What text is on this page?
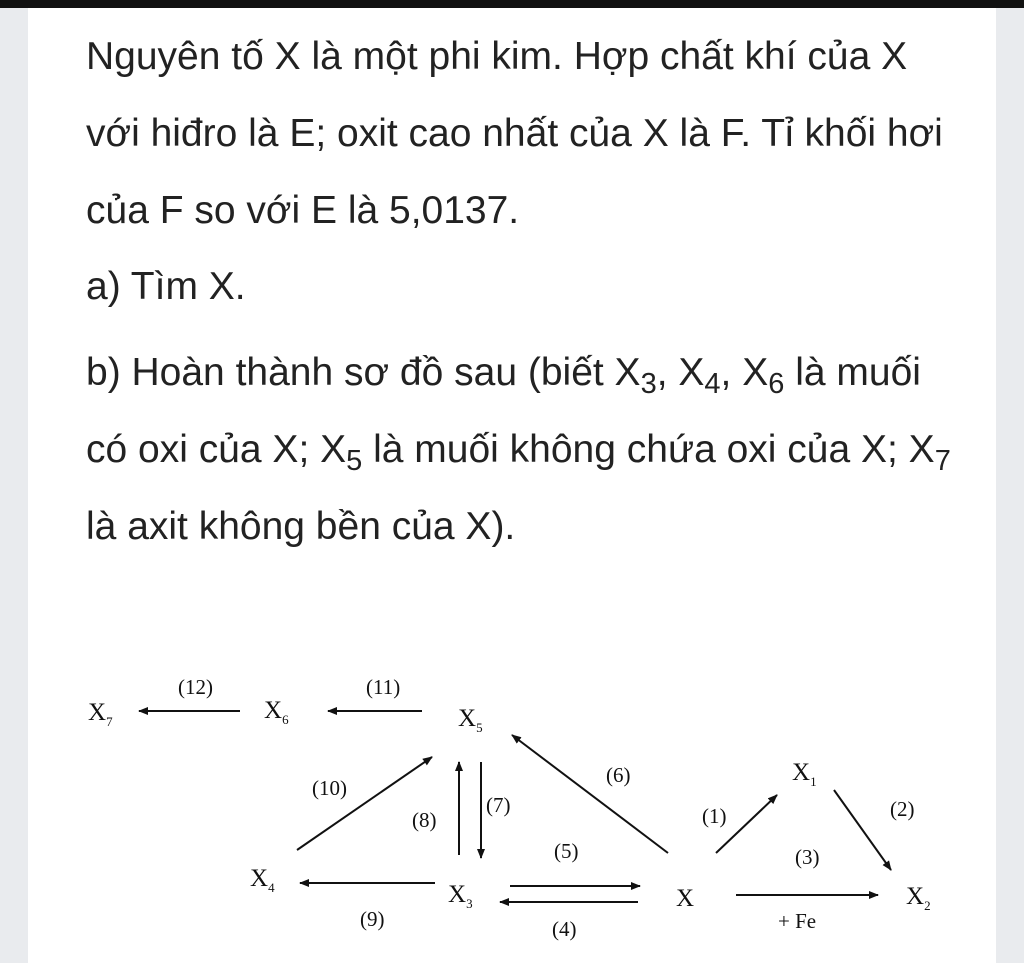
Nguyên tố X là một phi kim. Hợp chất khí của X với hiđro là E; oxit cao nhất của X là F. Tỉ khối hơi của F so với E là 5,0137.

a) Tìm X.

b) Hoàn thành sơ đồ sau (biết $X_3$, $X_4$, $X_6$ là muối có oxi của X; $X_5$ là muối không chứa oxi của X; $X_7$ là axit không bền của X).

$X_7$	$X_6$	$X_5$
$X_1$
$X_4$	$X_3$	X	$X_2$
(12)	(11)
(10)
(8)
(7)
(6)
(1)	(2)
(5)	(3)
(9)	(4)	+ Fe
